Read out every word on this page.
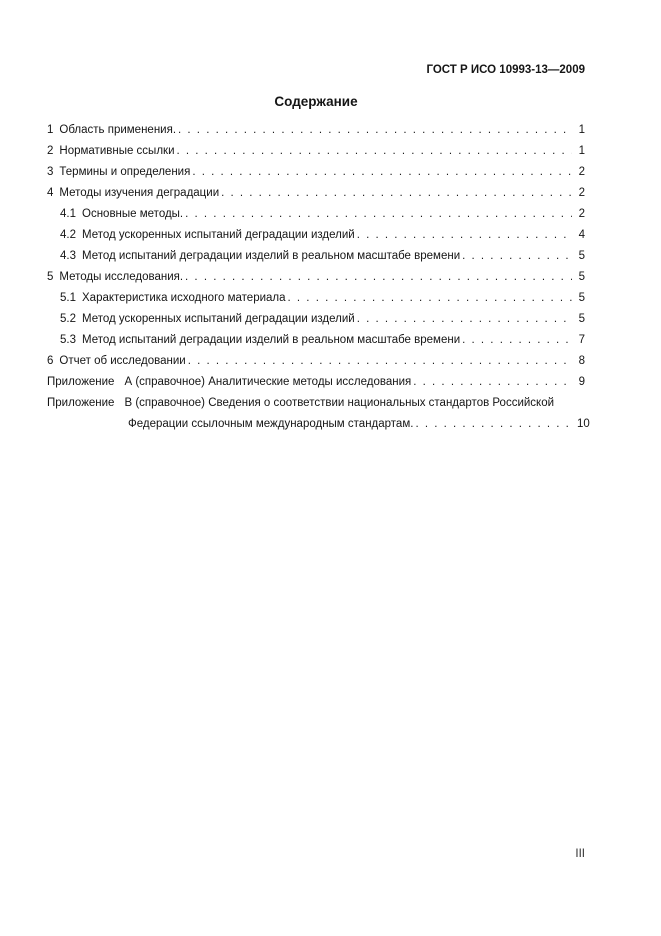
ГОСТ Р ИСО 10993-13—2009
Содержание
1 Область применения. . . .	1
2 Нормативные ссылки . . .	1
3 Термины и определения . . .	2
4 Методы изучения деградации . . .	2
4.1 Основные методы. . . .	2
4.2 Метод ускоренных испытаний деградации изделий . . .	4
4.3 Метод испытаний деградации изделий в реальном масштабе времени . . .	5
5 Методы исследования. . . .	5
5.1 Характеристика исходного материала . . .	5
5.2 Метод ускоренных испытаний деградации изделий . . .	5
5.3 Метод испытаний деградации изделий в реальном масштабе времени . . .	7
6 Отчет об исследовании . . .	8
Приложение А (справочное) Аналитические методы исследования . . .	9
Приложение В (справочное) Сведения о соответствии национальных стандартов Российской
Федерации ссылочным международным стандартам. . . .	10
III
